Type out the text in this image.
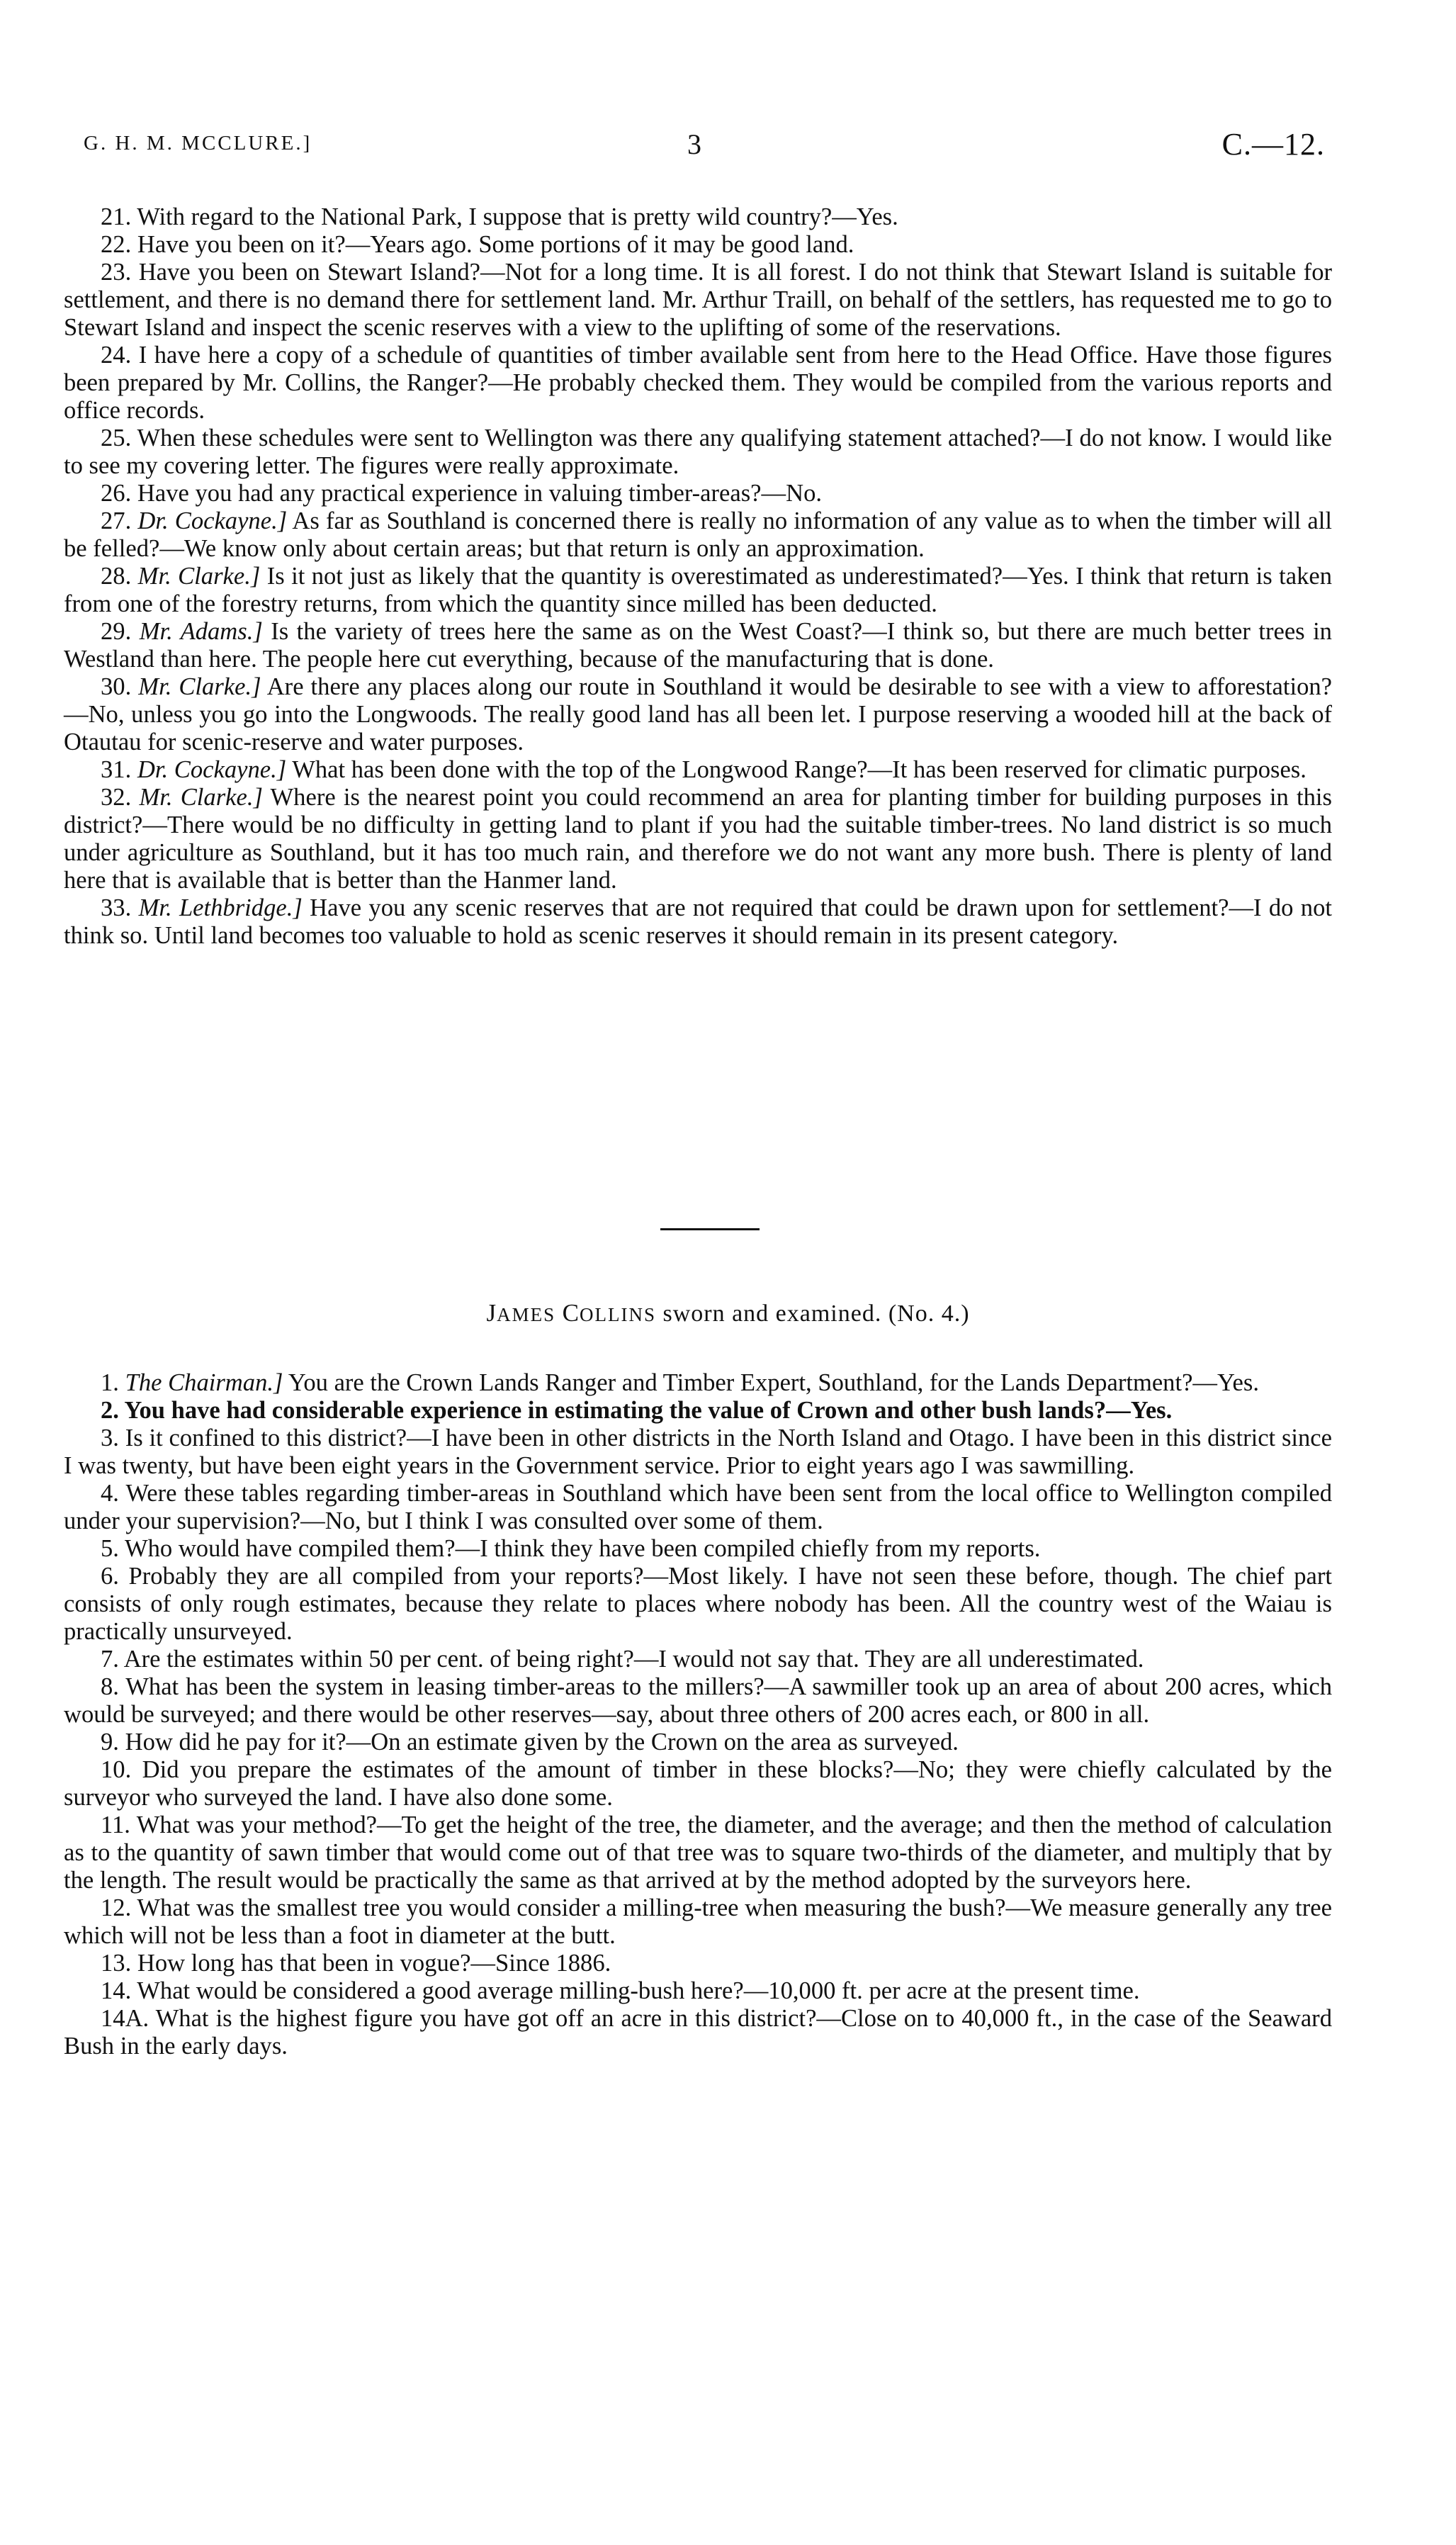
G. H. M. MCCLURE.]	3	C.—12.

21. With regard to the National Park, I suppose that is pretty wild country?—Yes.

22. Have you been on it?—Years ago. Some portions of it may be good land.

23. Have you been on Stewart Island?—Not for a long time. It is all forest. I do not think that Stewart Island is suitable for settlement, and there is no demand there for settlement land. Mr. Arthur Traill, on behalf of the settlers, has requested me to go to Stewart Island and inspect the scenic reserves with a view to the uplifting of some of the reservations.

24. I have here a copy of a schedule of quantities of timber available sent from here to the Head Office. Have those figures been prepared by Mr. Collins, the Ranger?—He probably checked them. They would be compiled from the various reports and office records.

25. When these schedules were sent to Wellington was there any qualifying statement attached?—I do not know. I would like to see my covering letter. The figures were really approximate.

26. Have you had any practical experience in valuing timber-areas?—No.

27. Dr. Cockayne.] As far as Southland is concerned there is really no information of any value as to when the timber will all be felled?—We know only about certain areas; but that return is only an approximation.

28. Mr. Clarke.] Is it not just as likely that the quantity is overestimated as underestimated?—Yes. I think that return is taken from one of the forestry returns, from which the quantity since milled has been deducted.

29. Mr. Adams.] Is the variety of trees here the same as on the West Coast?—I think so, but there are much better trees in Westland than here. The people here cut everything, because of the manufacturing that is done.

30. Mr. Clarke.] Are there any places along our route in Southland it would be desirable to see with a view to afforestation?—No, unless you go into the Longwoods. The really good land has all been let. I purpose reserving a wooded hill at the back of Otautau for scenic-reserve and water purposes.

31. Dr. Cockayne.] What has been done with the top of the Longwood Range?—It has been reserved for climatic purposes.

32. Mr. Clarke.] Where is the nearest point you could recommend an area for planting timber for building purposes in this district?—There would be no difficulty in getting land to plant if you had the suitable timber-trees. No land district is so much under agriculture as Southland, but it has too much rain, and therefore we do not want any more bush. There is plenty of land here that is available that is better than the Hanmer land.

33. Mr. Lethbridge.] Have you any scenic reserves that are not required that could be drawn upon for settlement?—I do not think so. Until land becomes too valuable to hold as scenic reserves it should remain in its present category.

JAMES COLLINS sworn and examined. (No. 4.)

1. The Chairman.] You are the Crown Lands Ranger and Timber Expert, Southland, for the Lands Department?—Yes.

2. You have had considerable experience in estimating the value of Crown and other bush lands?—Yes.

3. Is it confined to this district?—I have been in other districts in the North Island and Otago. I have been in this district since I was twenty, but have been eight years in the Government service. Prior to eight years ago I was sawmilling.

4. Were these tables regarding timber-areas in Southland which have been sent from the local office to Wellington compiled under your supervision?—No, but I think I was consulted over some of them.

5. Who would have compiled them?—I think they have been compiled chiefly from my reports.

6. Probably they are all compiled from your reports?—Most likely. I have not seen these before, though. The chief part consists of only rough estimates, because they relate to places where nobody has been. All the country west of the Waiau is practically unsurveyed.

7. Are the estimates within 50 per cent. of being right?—I would not say that. They are all underestimated.

8. What has been the system in leasing timber-areas to the millers?—A sawmiller took up an area of about 200 acres, which would be surveyed; and there would be other reserves—say, about three others of 200 acres each, or 800 in all.

9. How did he pay for it?—On an estimate given by the Crown on the area as surveyed.

10. Did you prepare the estimates of the amount of timber in these blocks?—No; they were chiefly calculated by the surveyor who surveyed the land. I have also done some.

11. What was your method?—To get the height of the tree, the diameter, and the average; and then the method of calculation as to the quantity of sawn timber that would come out of that tree was to square two-thirds of the diameter, and multiply that by the length. The result would be practically the same as that arrived at by the method adopted by the surveyors here.

12. What was the smallest tree you would consider a milling-tree when measuring the bush?—We measure generally any tree which will not be less than a foot in diameter at the butt.

13. How long has that been in vogue?—Since 1886.

14. What would be considered a good average milling-bush here?—10,000 ft. per acre at the present time.

14A. What is the highest figure you have got off an acre in this district?—Close on to 40,000 ft., in the case of the Seaward Bush in the early days.
